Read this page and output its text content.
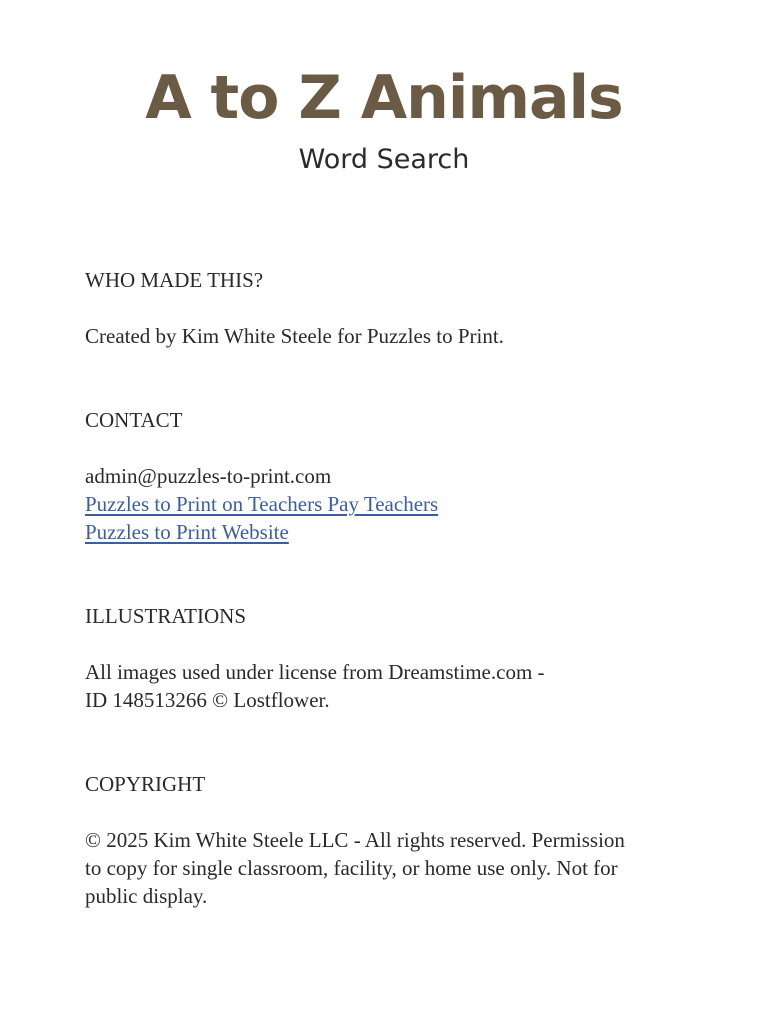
A to Z Animals
Word Search
WHO MADE THIS?

Created by Kim White Steele for Puzzles to Print.

CONTACT
admin@puzzles-to-print.com
Puzzles to Print on Teachers Pay Teachers
Puzzles to Print Website
ILLUSTRATIONS
All images used under license from Dreamstime.com -
ID 148513266 © Lostflower.
COPYRIGHT
© 2025 Kim White Steele LLC - All rights reserved. Permission
to copy for single classroom, facility, or home use only. Not for
public display.
